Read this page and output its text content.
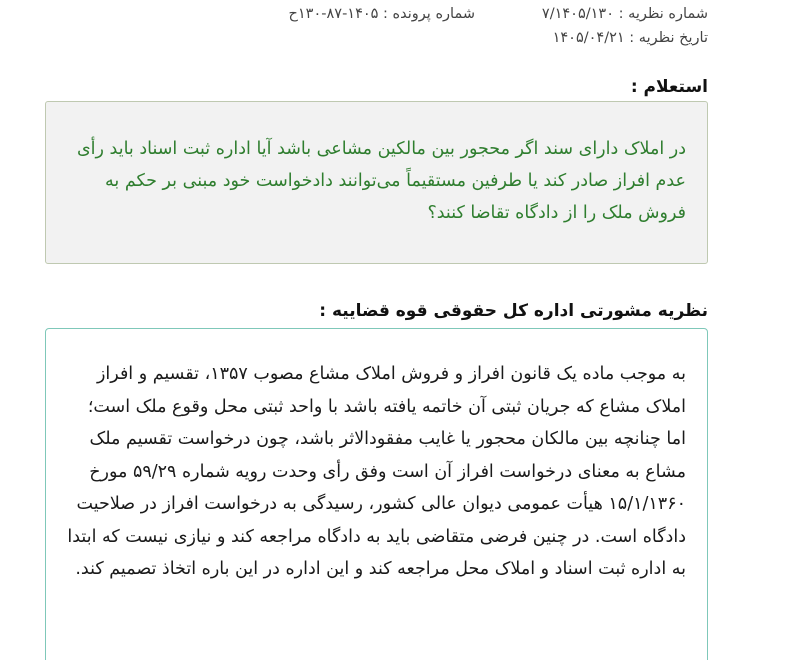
شماره نظریه : ۷/۱۴۰۵/۱۳۰
تاریخ نظریه : ۱۴۰۵/۰۴/۲۱
شماره پرونده : ۱۴۰۵-۸۷-۱۳۰ح
استعلام :
در املاک دارای سند اگر محجور بین مالکین مشاعی باشد آیا اداره ثبت اسناد باید رأی عدم افراز صادر کند یا طرفین مستقیماً می‌توانند دادخواست خود مبنی بر حکم به فروش ملک را از دادگاه تقاضا کنند؟
نظریه مشورتی اداره کل حقوقی قوه قضاییه :
به موجب ماده یک قانون افراز و فروش املاک مشاع مصوب ۱۳۵۷، تقسیم و افراز املاک مشاع که جریان ثبتی آن خاتمه یافته باشد با واحد ثبتی محل وقوع ملک است؛ اما چنانچه بین مالکان محجور یا غایب مفقودالاثر باشد، چون درخواست تقسیم ملک مشاع به معنای درخواست افراز آن است وفق رأی وحدت رویه شماره ۵۹/۲۹ مورخ ۱۵/۱/۱۳۶۰ هیأت عمومی دیوان عالی کشور، رسیدگی به درخواست افراز در صلاحیت دادگاه است. در چنین فرضی متقاضی باید به دادگاه مراجعه کند و نیازی نیست که ابتدا به اداره ثبت اسناد و املاک محل مراجعه کند و این اداره در این باره اتخاذ تصمیم کند.
